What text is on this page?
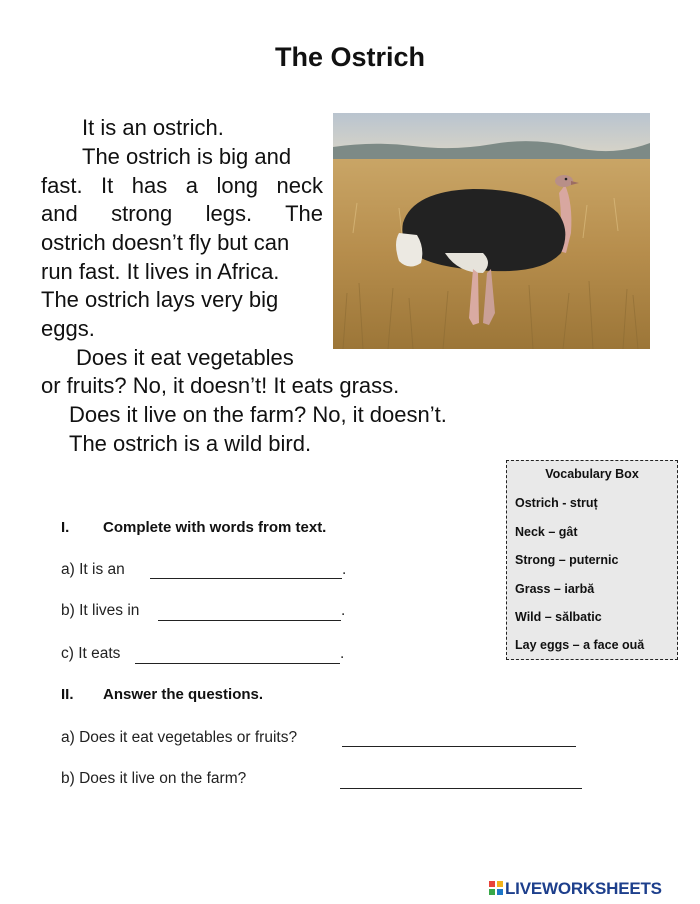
The Ostrich
It is an ostrich.
The ostrich is big and
fast. It has a long neck
and strong legs. The
ostrich doesn’t fly but can
run fast. It lives in Africa.
The ostrich lays very big
eggs.
Does it eat vegetables
or fruits? No, it doesn’t! It eats grass.
Does it live on the farm? No, it doesn’t.
The ostrich is a wild bird.
I. Complete with words from text.
a) It is an	.
b) It lives in	.
c) It eats	.
II. Answer the questions.
a) Does it eat vegetables or fruits?
b) Does it live on the farm?
Vocabulary Box
Ostrich - struț
Neck – gât
Strong – puternic
Grass – iarbă
Wild – sălbatic
Lay eggs – a face ouă
LIVEWORKSHEETS
